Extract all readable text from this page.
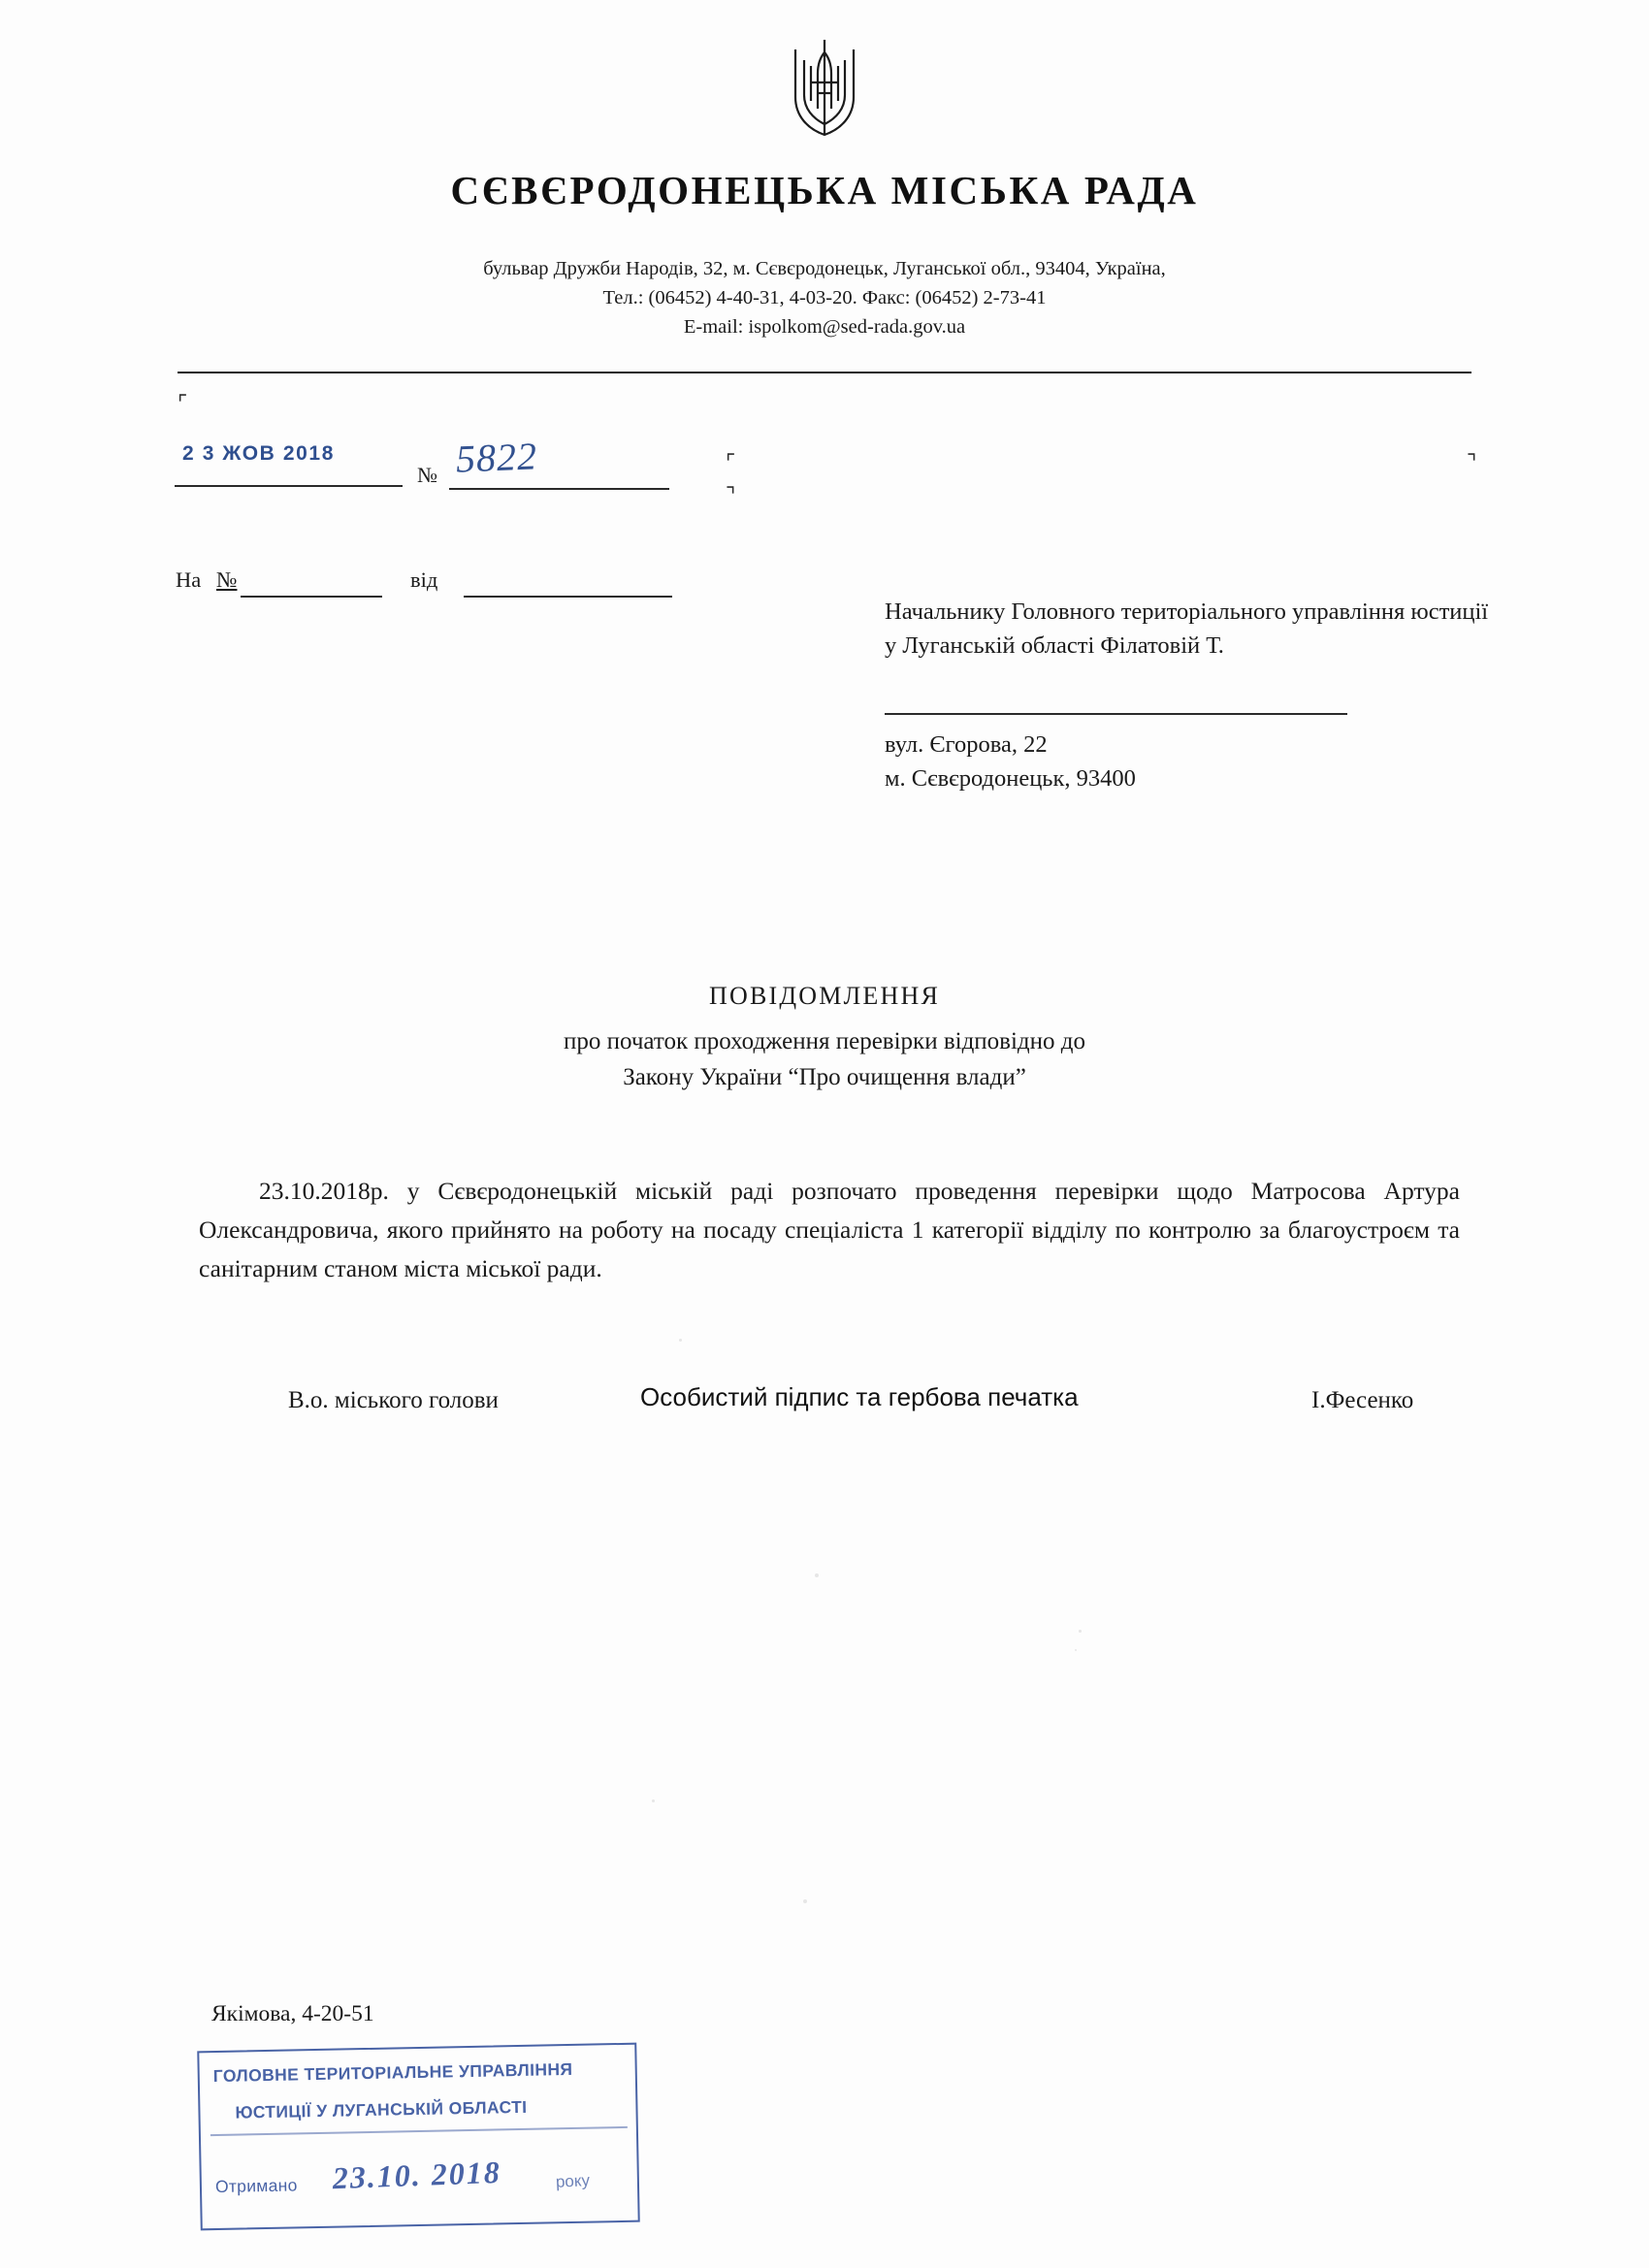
СЄВЄРОДОНЕЦЬКА МІСЬКА РАДА
бульвар Дружби Народів, 32, м. Сєвєродонецьк, Луганської обл., 93404, Україна,
Тел.: (06452) 4-40-31, 4-03-20. Факс: (06452) 2-73-41
E-mail: ispolkom@sed-rada.gov.ua
⌜
⌜	⌝
⌝
2 3 ЖОВ 2018
№ 5822
На №	від
Начальнику Головного територіального управління юстиції у Луганській області Філатовій Т.
вул. Єгорова, 22
м. Сєвєродонецьк, 93400
ПОВІДОМЛЕННЯ
про початок проходження перевірки відповідно до
Закону України “Про очищення влади”
23.10.2018р. у Сєвєродонецькій міській раді розпочато проведення перевірки щодо Матросова Артура Олександровича, якого прийнято на роботу на посаду спеціаліста 1 категорії відділу по контролю за благоустроєм та санітарним станом міста міської ради.
В.о. міського голови	Особистий підпис та гербова печатка	І.Фесенко
Якімова, 4-20-51
ГОЛОВНЕ ТЕРИТОРІАЛЬНЕ УПРАВЛІННЯ
ЮСТИЦІЇ У ЛУГАНСЬКІЙ ОБЛАСТІ
Отримано 23.10. 2018	року
